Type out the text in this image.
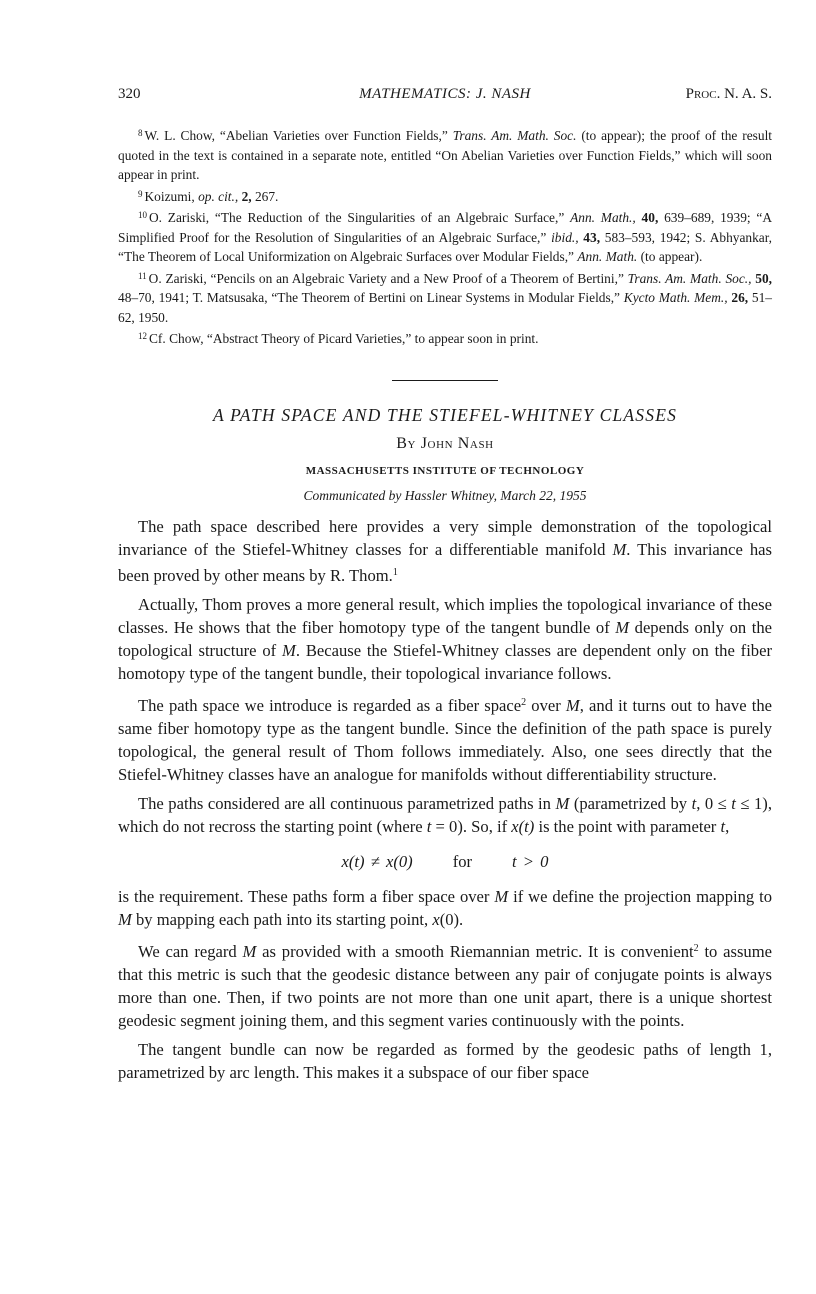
320	MATHEMATICS: J. NASH	Proc. N. A. S.

$^8$ W. L. Chow, “Abelian Varieties over Function Fields,” Trans. Am. Math. Soc. (to appear); the proof of the result quoted in the text is contained in a separate note, entitled “On Abelian Varieties over Function Fields,” which will soon appear in print.

$^9$ Koizumi, op. cit., 2, 267.

$^{10}$ O. Zariski, “The Reduction of the Singularities of an Algebraic Surface,” Ann. Math., 40, 639–689, 1939; “A Simplified Proof for the Resolution of Singularities of an Algebraic Surface,” ibid., 43, 583–593, 1942; S. Abhyankar, “The Theorem of Local Uniformization on Algebraic Surfaces over Modular Fields,” Ann. Math. (to appear).

$^{11}$ O. Zariski, “Pencils on an Algebraic Variety and a New Proof of a Theorem of Bertini,” Trans. Am. Math. Soc., 50, 48–70, 1941; T. Matsusaka, “The Theorem of Bertini on Linear Systems in Modular Fields,” Kycto Math. Mem., 26, 51–62, 1950.

$^{12}$ Cf. Chow, “Abstract Theory of Picard Varieties,” to appear soon in print.

A PATH SPACE AND THE STIEFEL-WHITNEY CLASSES
By John Nash
MASSACHUSETTS INSTITUTE OF TECHNOLOGY
Communicated by Hassler Whitney, March 22, 1955

The path space described here provides a very simple demonstration of the topological invariance of the Stiefel-Whitney classes for a differentiable manifold M. This invariance has been proved by other means by R. Thom.$^1$

Actually, Thom proves a more general result, which implies the topological invariance of these classes. He shows that the fiber homotopy type of the tangent bundle of M depends only on the topological structure of M. Because the Stiefel-Whitney classes are dependent only on the fiber homotopy type of the tangent bundle, their topological invariance follows.

The path space we introduce is regarded as a fiber space$^2$ over M, and it turns out to have the same fiber homotopy type as the tangent bundle. Since the definition of the path space is purely topological, the general result of Thom follows immediately. Also, one sees directly that the Stiefel-Whitney classes have an analogue for manifolds without differentiability structure.

The paths considered are all continuous parametrized paths in M (parametrized by t, 0 ≤ t ≤ 1), which do not recross the starting point (where t = 0). So, if x(t) is the point with parameter t,

x(t) ≠ x(0) for t > 0

is the requirement. These paths form a fiber space over M if we define the projection mapping to M by mapping each path into its starting point, x(0).

We can regard M as provided with a smooth Riemannian metric. It is convenient$^2$ to assume that this metric is such that the geodesic distance between any pair of conjugate points is always more than one. Then, if two points are not more than one unit apart, there is a unique shortest geodesic segment joining them, and this segment varies continuously with the points.

The tangent bundle can now be regarded as formed by the geodesic paths of length 1, parametrized by arc length. This makes it a subspace of our fiber space
